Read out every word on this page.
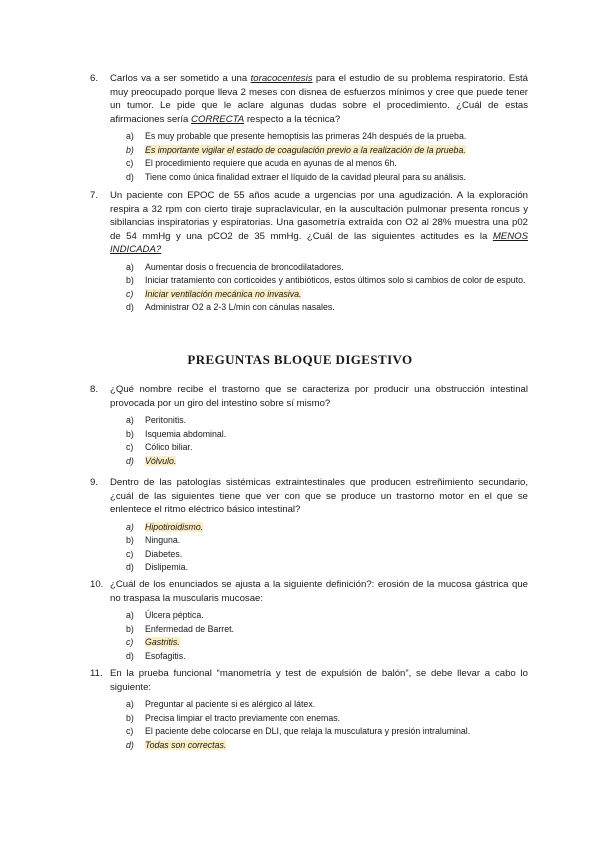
6. Carlos va a ser sometido a una toracocentesis para el estudio de su problema respiratorio. Está muy preocupado porque lleva 2 meses con disnea de esfuerzos mínimos y cree que puede tener un tumor. Le pide que le aclare algunas dudas sobre el procedimiento. ¿Cuál de estas afirmaciones sería CORRECTA respecto a la técnica?
a) Es muy probable que presente hemoptisis las primeras 24h después de la prueba.
b) Es importante vigilar el estado de coagulación previo a la realización de la prueba.
c) El procedimiento requiere que acuda en ayunas de al menos 6h.
d) Tiene como única finalidad extraer el líquido de la cavidad pleural para su análisis.
7. Un paciente con EPOC de 55 años acude a urgencias por una agudización. A la exploración respira a 32 rpm con cierto tiraje supraclavicular, en la auscultación pulmonar presenta roncus y sibilancias inspiratorias y espiratorias. Una gasometría extraída con O2 al 28% muestra una p02 de 54 mmHg y una pCO2 de 35 mmHg. ¿Cuál de las siguientes actitudes es la MENOS INDICADA?
a) Aumentar dosis o frecuencia de broncodilatadores.
b) Iniciar tratamiento con corticoides y antibióticos, estos últimos solo si cambios de color de esputo.
c) Iniciar ventilación mecánica no invasiva.
d) Administrar O2 a 2-3 L/min con cánulas nasales.
PREGUNTAS BLOQUE DIGESTIVO
8. ¿Qué nombre recibe el trastorno que se caracteriza por producir una obstrucción intestinal provocada por un giro del intestino sobre sí mismo?
a) Peritonitis.
b) Isquemia abdominal.
c) Cólico biliar.
d) Vólvulo.
9. Dentro de las patologías sistémicas extraintestinales que producen estreñimiento secundario, ¿cuál de las siguientes tiene que ver con que se produce un trastorno motor en el que se enlentece el ritmo eléctrico básico intestinal?
a) Hipotiroidismo.
b) Ninguna.
c) Diabetes.
d) Dislipemia.
10. ¿Cuál de los enunciados se ajusta a la siguiente definición?: erosión de la mucosa gástrica que no traspasa la muscularis mucosae:
a) Úlcera péptica.
b) Enfermedad de Barret.
c) Gastritis.
d) Esofagitis.
11. En la prueba funcional “manometría y test de expulsión de balón”, se debe llevar a cabo lo siguiente:
a) Preguntar al paciente si es alérgico al látex.
b) Precisa limpiar el tracto previamente con enemas.
c) El paciente debe colocarse en DLI, que relaja la musculatura y presión intraluminal.
d) Todas son correctas.
